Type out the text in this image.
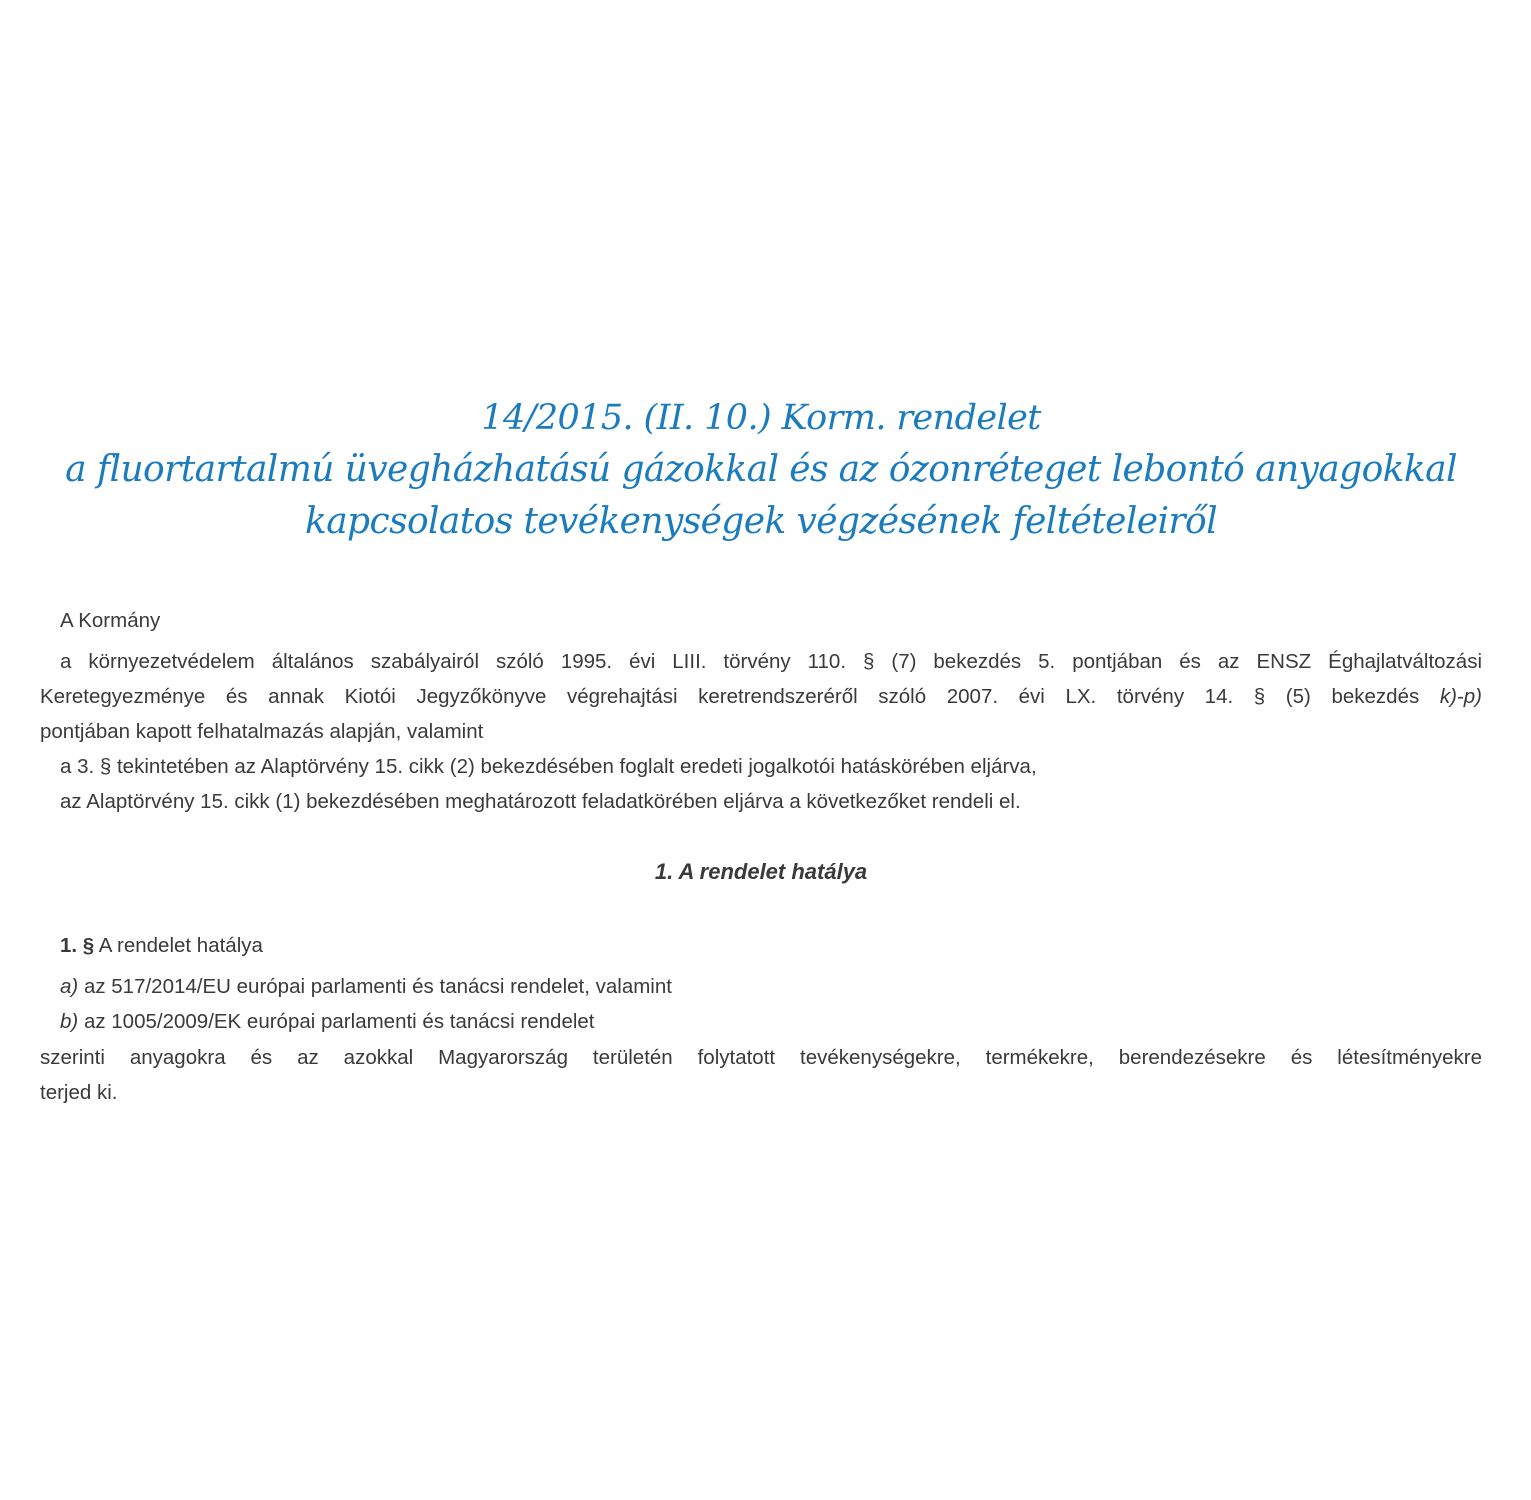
14/2015. (II. 10.) Korm. rendelet
a fluortartalmú üvegházhatású gázokkal és az ózonréteget lebontó anyagokkal
kapcsolatos tevékenységek végzésének feltételeiről

A Kormány

a környezetvédelem általános szabályairól szóló 1995. évi LIII. törvény 110. § (7) bekezdés 5. pontjában és az ENSZ Éghajlatváltozási
Keretegyezménye és annak Kiotói Jegyzőkönyve végrehajtási keretrendszeréről szóló 2007. évi LX. törvény 14. § (5) bekezdés k)-p)
pontjában kapott felhatalmazás alapján, valamint

a 3. § tekintetében az Alaptörvény 15. cikk (2) bekezdésében foglalt eredeti jogalkotói hatáskörében eljárva,

az Alaptörvény 15. cikk (1) bekezdésében meghatározott feladatkörében eljárva a következőket rendeli el.

1. A rendelet hatálya

1. § A rendelet hatálya

a) az 517/2014/EU európai parlamenti és tanácsi rendelet, valamint

b) az 1005/2009/EK európai parlamenti és tanácsi rendelet

szerinti anyagokra és az azokkal Magyarország területén folytatott tevékenységekre, termékekre, berendezésekre és létesítményekre
terjed ki.
